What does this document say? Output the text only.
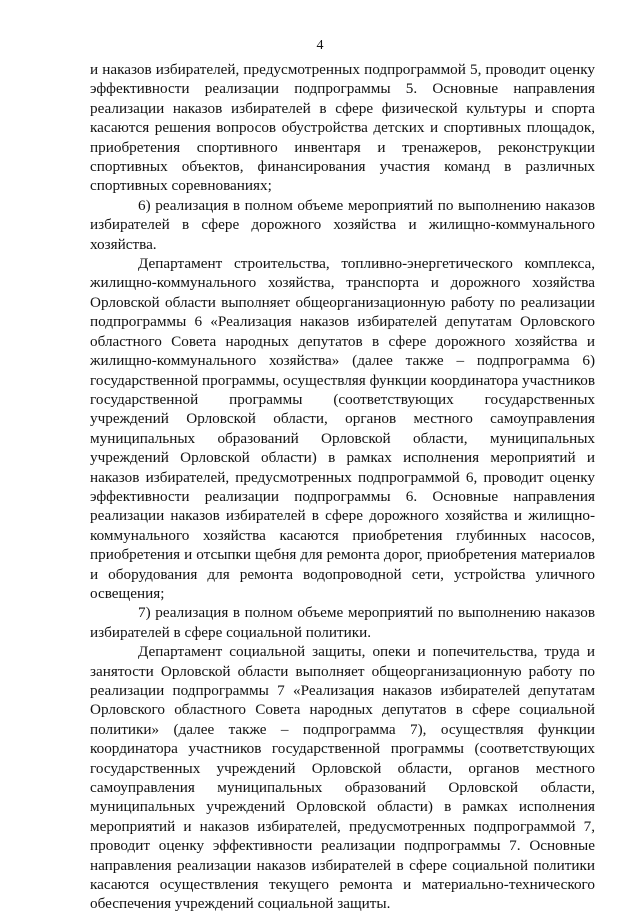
4

и наказов избирателей, предусмотренных подпрограммой 5, проводит оценку эффективности реализации подпрограммы 5. Основные направления реализации наказов избирателей в сфере физической культуры и спорта касаются решения вопросов обустройства детских и спортивных площадок, приобретения спортивного инвентаря и тренажеров, реконструкции спортивных объектов, финансирования участия команд в различных спортивных соревнованиях;

6) реализация в полном объеме мероприятий по выполнению наказов избирателей в сфере дорожного хозяйства и жилищно-коммунального хозяйства.

Департамент строительства, топливно-энергетического комплекса, жилищно-коммунального хозяйства, транспорта и дорожного хозяйства Орловской области выполняет общеорганизационную работу по реализации подпрограммы 6 «Реализация наказов избирателей депутатам Орловского областного Совета народных депутатов в сфере дорожного хозяйства и жилищно-коммунального хозяйства» (далее также – подпрограмма 6) государственной программы, осуществляя функции координатора участников государственной программы (соответствующих государственных учреждений Орловской области, органов местного самоуправления муниципальных образований Орловской области, муниципальных учреждений Орловской области) в рамках исполнения мероприятий и наказов избирателей, предусмотренных подпрограммой 6, проводит оценку эффективности реализации подпрограммы 6. Основные направления реализации наказов избирателей в сфере дорожного хозяйства и жилищно-коммунального хозяйства касаются приобретения глубинных насосов, приобретения и отсыпки щебня для ремонта дорог, приобретения материалов и оборудования для ремонта водопроводной сети, устройства уличного освещения;

7) реализация в полном объеме мероприятий по выполнению наказов избирателей в сфере социальной политики.

Департамент социальной защиты, опеки и попечительства, труда и занятости Орловской области выполняет общеорганизационную работу по реализации подпрограммы 7 «Реализация наказов избирателей депутатам Орловского областного Совета народных депутатов в сфере социальной политики» (далее также – подпрограмма 7), осуществляя функции координатора участников государственной программы (соответствующих государственных учреждений Орловской области, органов местного самоуправления муниципальных образований Орловской области, муниципальных учреждений Орловской области) в рамках исполнения мероприятий и наказов избирателей, предусмотренных подпрограммой 7, проводит оценку эффективности реализации подпрограммы 7. Основные направления реализации наказов избирателей в сфере социальной политики касаются осуществления текущего ремонта и материально-технического обеспечения учреждений социальной защиты.
